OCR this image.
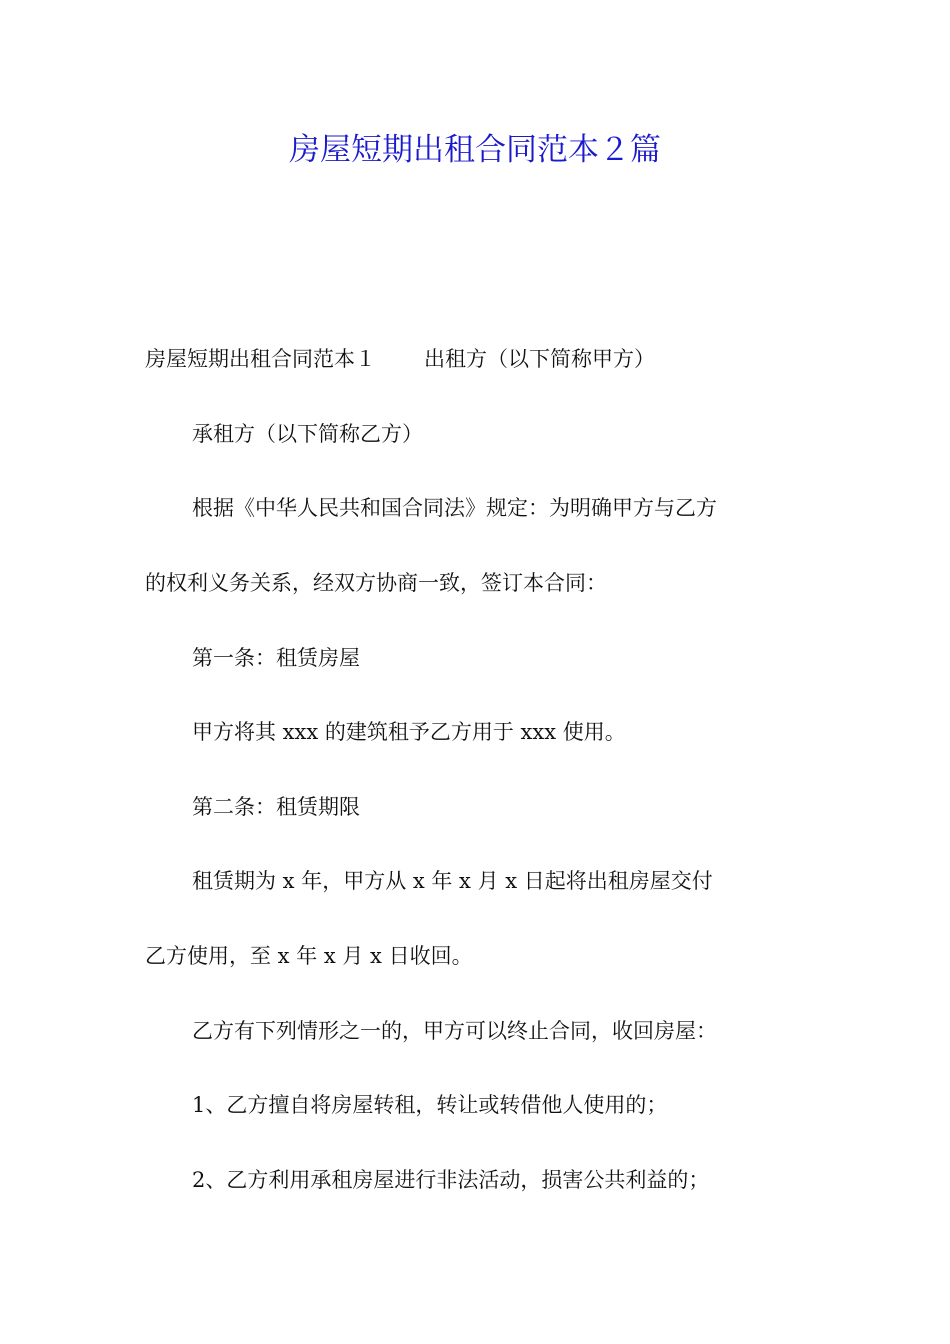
房屋短期出租合同范本２篇
房屋短期出租合同范本１ 出租方（以下简称甲方）
承租方（以下简称乙方）
根据《中华人民共和国合同法》规定：为明确甲方与乙方
的权利义务关系，经双方协商一致，签订本合同：
第一条：租赁房屋
甲方将其 xxx 的建筑租予乙方用于 xxx 使用。
第二条：租赁期限
租赁期为 x 年，甲方从 x 年 x 月 x 日起将出租房屋交付
乙方使用，至 x 年 x 月 x 日收回。
乙方有下列情形之一的，甲方可以终止合同，收回房屋：
1、乙方擅自将房屋转租，转让或转借他人使用的；
2、乙方利用承租房屋进行非法活动，损害公共利益的；
